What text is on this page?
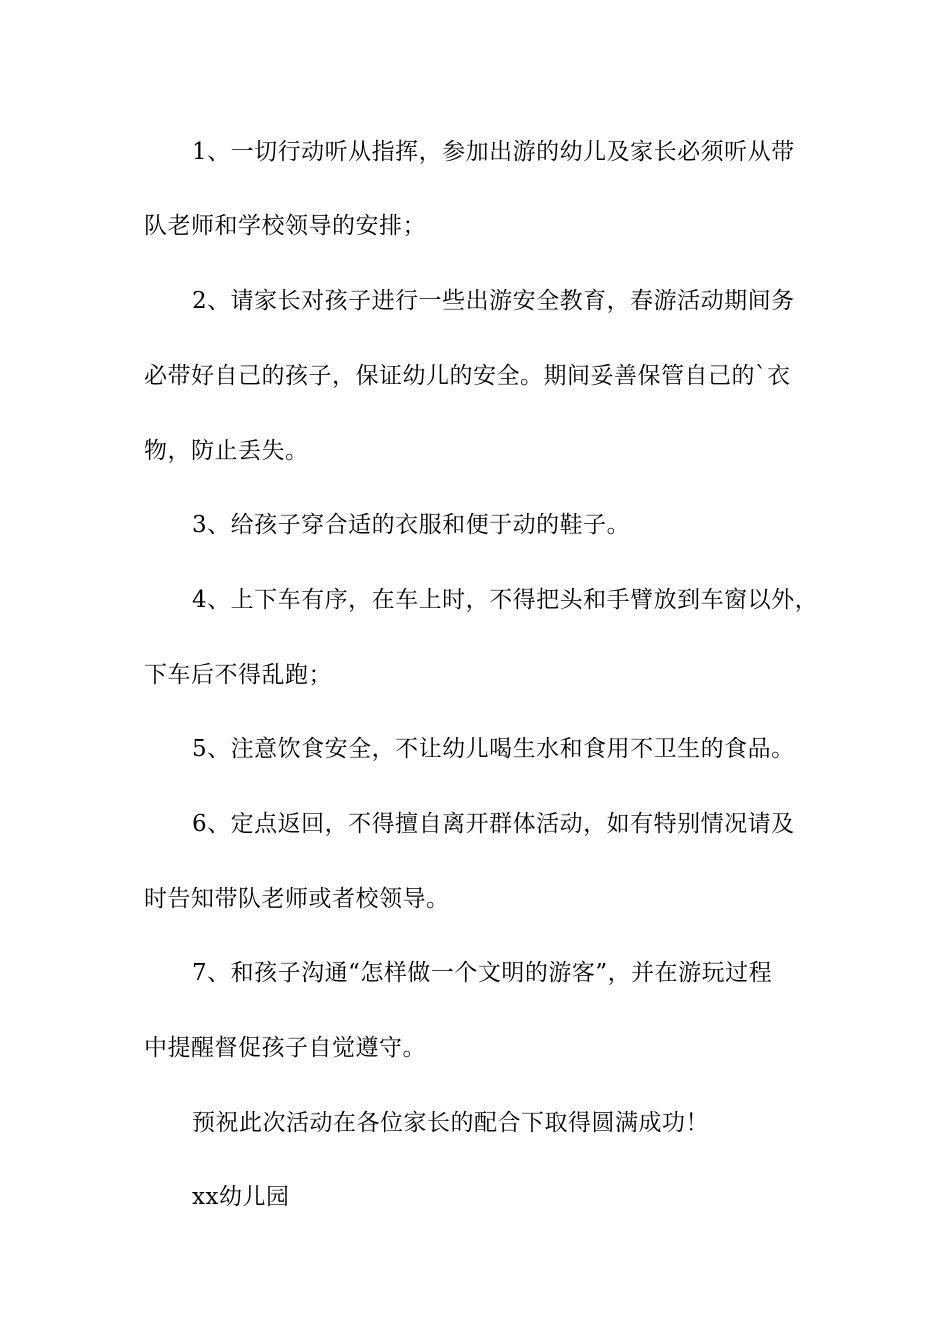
1、一切行动听从指挥，参加出游的幼儿及家长必须听从带
队老师和学校领导的安排；
2、请家长对孩子进行一些出游安全教育，春游活动期间务
必带好自己的孩子，保证幼儿的安全。期间妥善保管自己的`衣
物，防止丢失。
3、给孩子穿合适的衣服和便于动的鞋子。
4、上下车有序，在车上时，不得把头和手臂放到车窗以外，
下车后不得乱跑；
5、注意饮食安全，不让幼儿喝生水和食用不卫生的食品。
6、定点返回，不得擅自离开群体活动，如有特别情况请及
时告知带队老师或者校领导。
7、和孩子沟通“怎样做一个文明的游客”，并在游玩过程
中提醒督促孩子自觉遵守。
预祝此次活动在各位家长的配合下取得圆满成功！
xx幼儿园
